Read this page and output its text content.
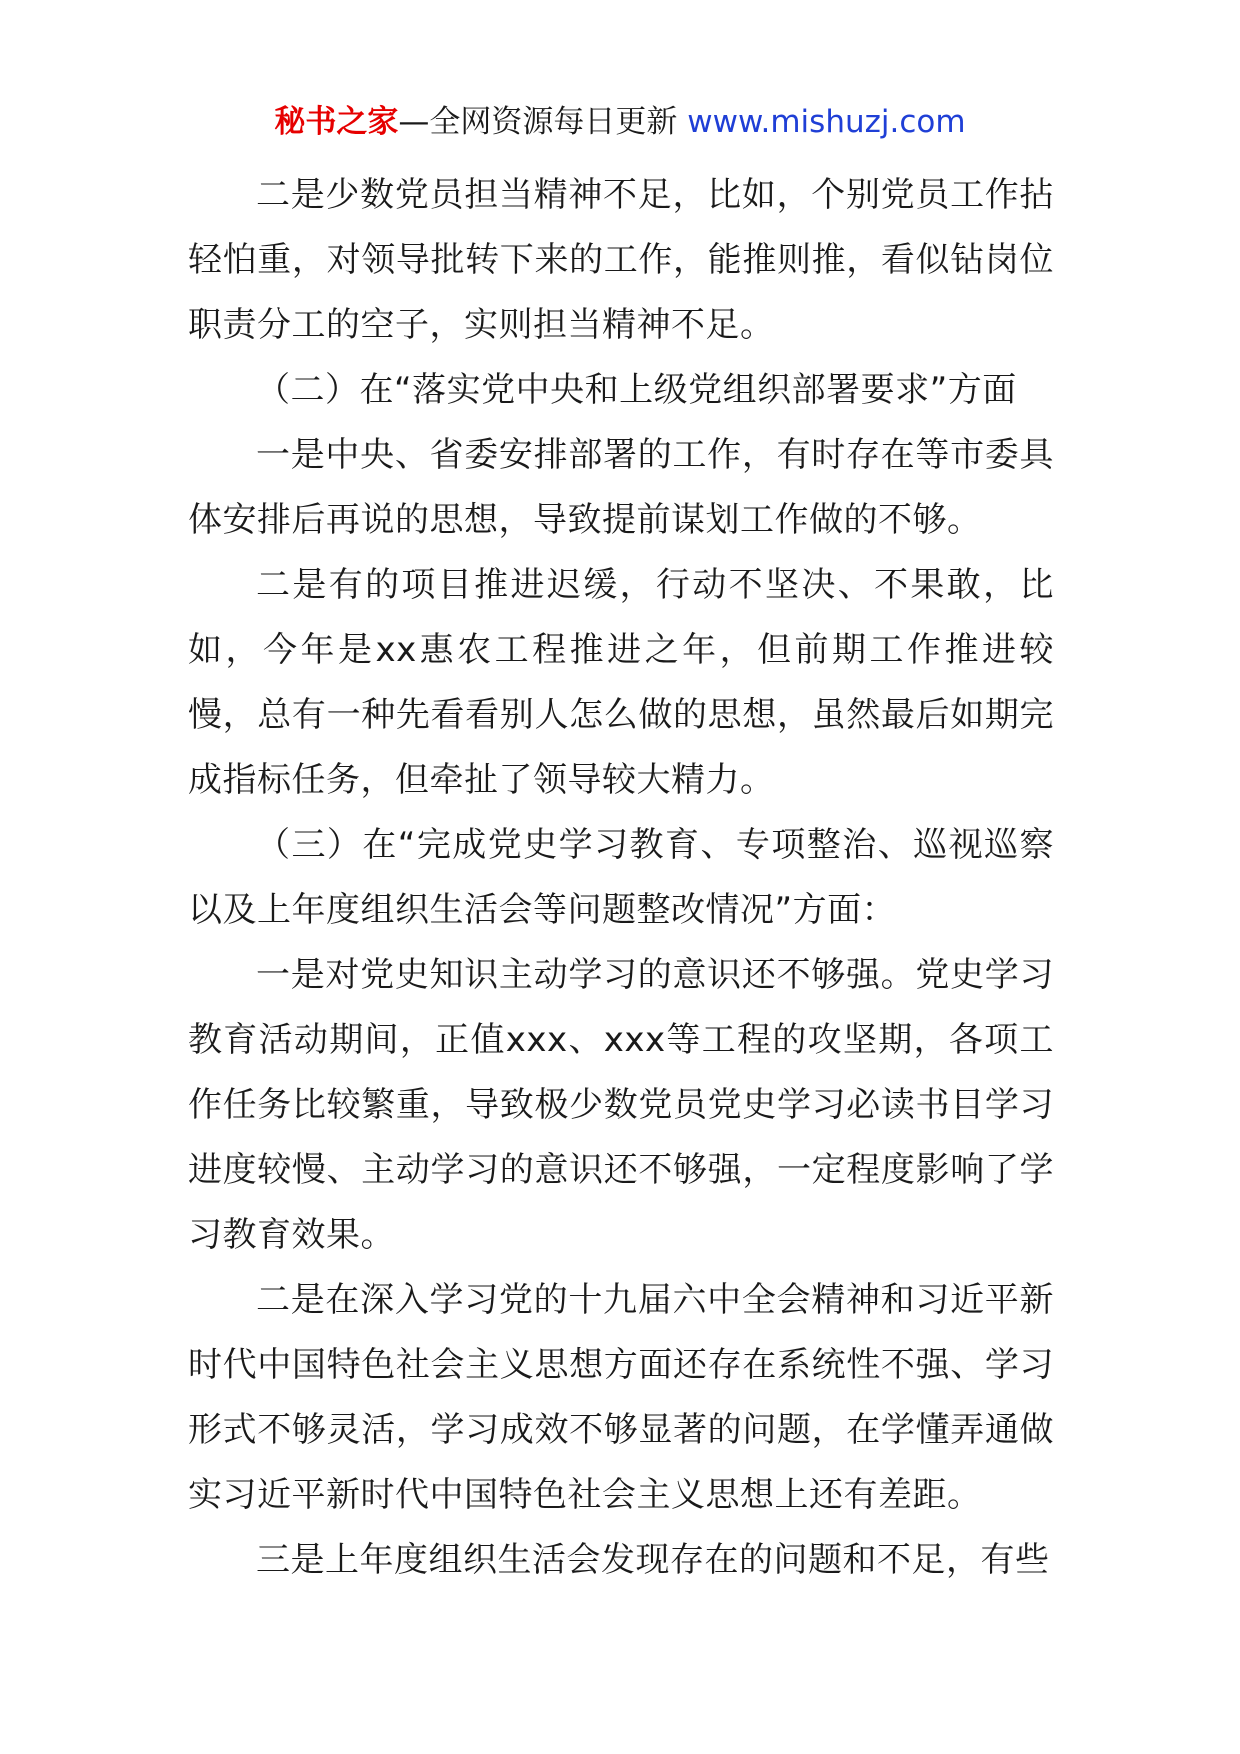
秘书之家—全网资源每日更新 www.mishuzj.com

二是少数党员担当精神不足，比如，个别党员工作拈轻怕重，对领导批转下来的工作，能推则推，看似钻岗位职责分工的空子，实则担当精神不足。

（二）在“落实党中央和上级党组织部署要求”方面

一是中央、省委安排部署的工作，有时存在等市委具体安排后再说的思想，导致提前谋划工作做的不够。

二是有的项目推进迟缓，行动不坚决、不果敢，比如，今年是xx惠农工程推进之年，但前期工作推进较慢，总有一种先看看别人怎么做的思想，虽然最后如期完成指标任务，但牵扯了领导较大精力。

（三）在“完成党史学习教育、专项整治、巡视巡察以及上年度组织生活会等问题整改情况”方面：

一是对党史知识主动学习的意识还不够强。党史学习教育活动期间，正值xxx、xxx等工程的攻坚期，各项工作任务比较繁重，导致极少数党员党史学习必读书目学习进度较慢、主动学习的意识还不够强，一定程度影响了学习教育效果。

二是在深入学习党的十九届六中全会精神和习近平新时代中国特色社会主义思想方面还存在系统性不强、学习形式不够灵活，学习成效不够显著的问题，在学懂弄通做实习近平新时代中国特色社会主义思想上还有差距。

三是上年度组织生活会发现存在的问题和不足，有些
